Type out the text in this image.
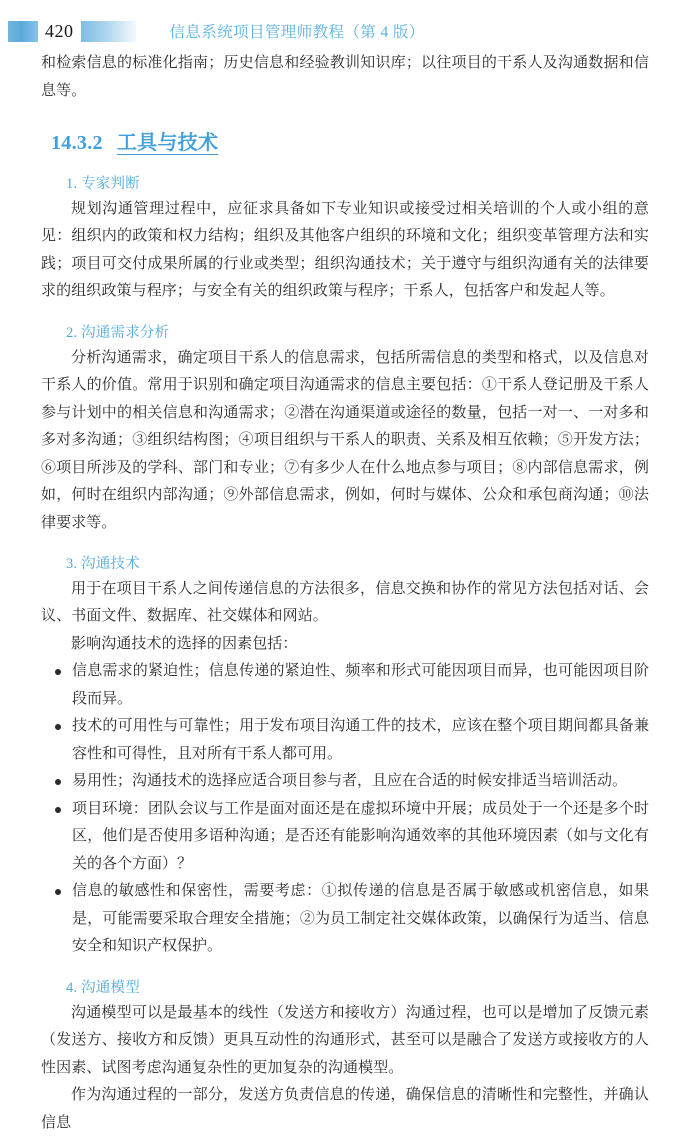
420	信息系统项目管理师教程（第 4 版）

和检索信息的标准化指南；历史信息和经验教训知识库；以往项目的干系人及沟通数据和信息等。

14.3.2 工具与技术
1. 专家判断

规划沟通管理过程中，应征求具备如下专业知识或接受过相关培训的个人或小组的意见：组织内的政策和权力结构；组织及其他客户组织的环境和文化；组织变革管理方法和实践；项目可交付成果所属的行业或类型；组织沟通技术；关于遵守与组织沟通有关的法律要求的组织政策与程序；与安全有关的组织政策与程序；干系人，包括客户和发起人等。

2. 沟通需求分析

分析沟通需求，确定项目干系人的信息需求，包括所需信息的类型和格式，以及信息对干系人的价值。常用于识别和确定项目沟通需求的信息主要包括：①干系人登记册及干系人参与计划中的相关信息和沟通需求；②潜在沟通渠道或途径的数量，包括一对一、一对多和多对多沟通；③组织结构图；④项目组织与干系人的职责、关系及相互依赖；⑤开发方法；⑥项目所涉及的学科、部门和专业；⑦有多少人在什么地点参与项目；⑧内部信息需求，例如，何时在组织内部沟通；⑨外部信息需求，例如，何时与媒体、公众和承包商沟通；⑩法律要求等。

3. 沟通技术

用于在项目干系人之间传递信息的方法很多，信息交换和协作的常见方法包括对话、会议、书面文件、数据库、社交媒体和网站。

影响沟通技术的选择的因素包括：

信息需求的紧迫性；信息传递的紧迫性、频率和形式可能因项目而异，也可能因项目阶段而异。
技术的可用性与可靠性；用于发布项目沟通工件的技术，应该在整个项目期间都具备兼容性和可得性，且对所有干系人都可用。
易用性；沟通技术的选择应适合项目参与者，且应在合适的时候安排适当培训活动。
项目环境：团队会议与工作是面对面还是在虚拟环境中开展；成员处于一个还是多个时区，他们是否使用多语种沟通；是否还有能影响沟通效率的其他环境因素（如与文化有关的各个方面）？
信息的敏感性和保密性，需要考虑：①拟传递的信息是否属于敏感或机密信息，如果是，可能需要采取合理安全措施；②为员工制定社交媒体政策，以确保行为适当、信息安全和知识产权保护。
4. 沟通模型

沟通模型可以是最基本的线性（发送方和接收方）沟通过程，也可以是增加了反馈元素（发送方、接收方和反馈）更具互动性的沟通形式，甚至可以是融合了发送方或接收方的人性因素、试图考虑沟通复杂性的更加复杂的沟通模型。

作为沟通过程的一部分，发送方负责信息的传递，确保信息的清晰性和完整性，并确认信息
